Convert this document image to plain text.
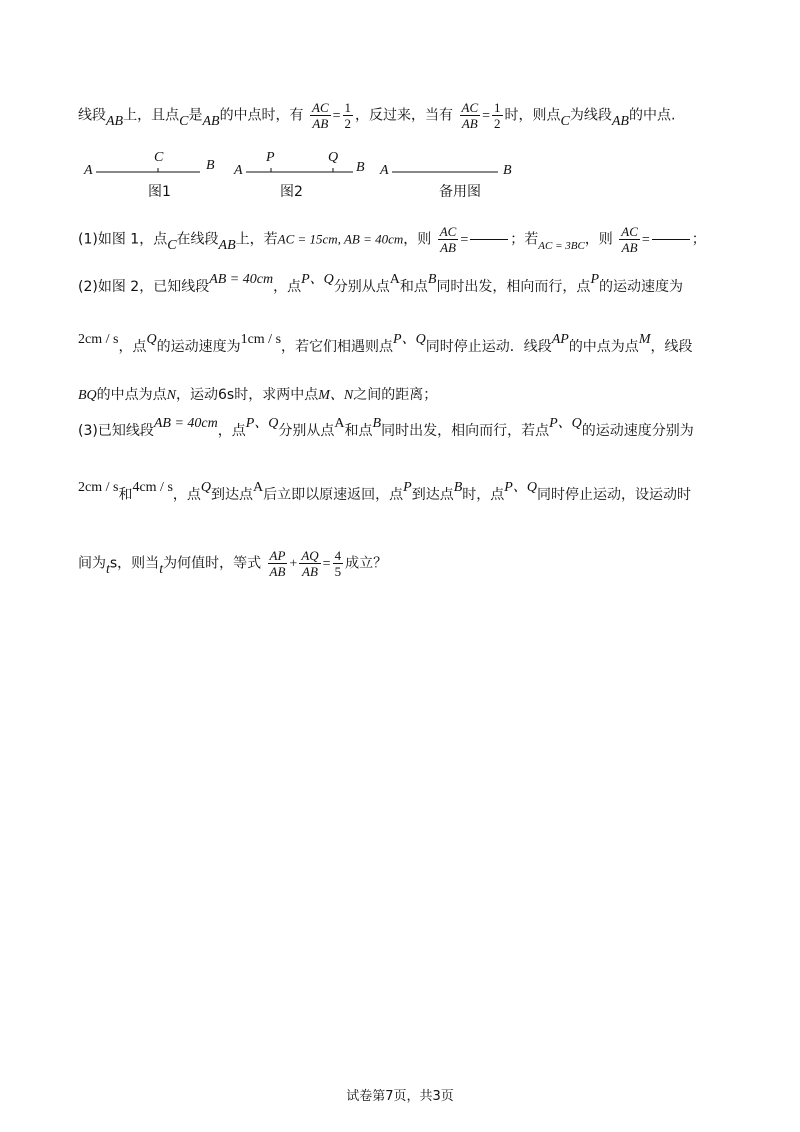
线段AB上，且点C是AB的中点时，有 $\frac{AC}{AB} = \frac{1}{2}$ ，反过来，当有 $\frac{AC}{AB} = \frac{1}{2}$ 时，则点C为线段AB的中点.
A
C
B
图1
A
P	Q
B
图2
A	B
备用图
(1)如图 1，点C在线段AB上，若AC = 15cm, AB = 40cm，则 $\frac{AC}{AB}$ =	；若$_{AC = 3BC}$，则 $\frac{AC}{AB}$ =	；
(2)如图 2，已知线段AB = 40cm，点P、Q分别从点A和点B同时出发，相向而行，点P的运动速度为
2cm / s，点Q的运动速度为1cm / s，若它们相遇则点P、Q同时停止运动．线段AP的中点为点M，线段
BQ的中点为点N，运动6s时，求两中点M、N之间的距离；
(3)已知线段AB = 40cm，点P、Q分别从点A和点B同时出发，相向而行，若点P、Q的运动速度分别为
2cm / s和4cm / s，点Q到达点A后立即以原速返回，点P到达点B时，点P、Q同时停止运动，设运动时
间为ts，则当t为何值时，等式 $\frac{AP}{AB} + \frac{AQ}{AB} = \frac{4}{5}$ 成立？
试卷第7页，共3页
